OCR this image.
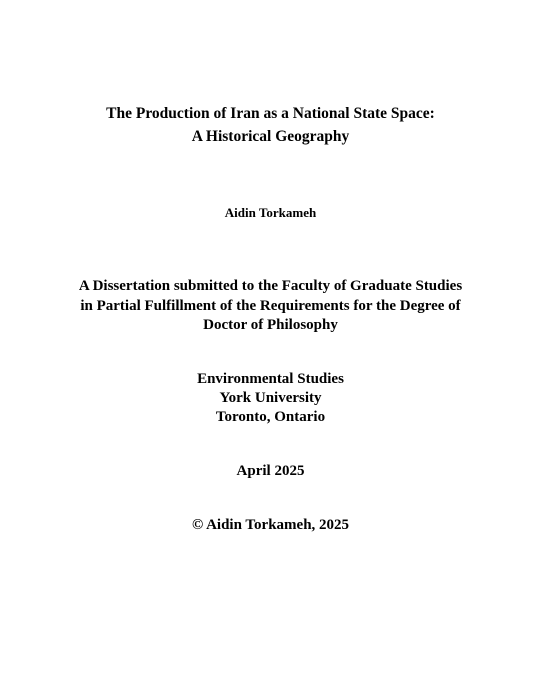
The Production of Iran as a National State Space:
A Historical Geography
Aidin Torkameh
A Dissertation submitted to the Faculty of Graduate Studies
in Partial Fulfillment of the Requirements for the Degree of
Doctor of Philosophy
Environmental Studies
York University
Toronto, Ontario
April 2025
© Aidin Torkameh, 2025
